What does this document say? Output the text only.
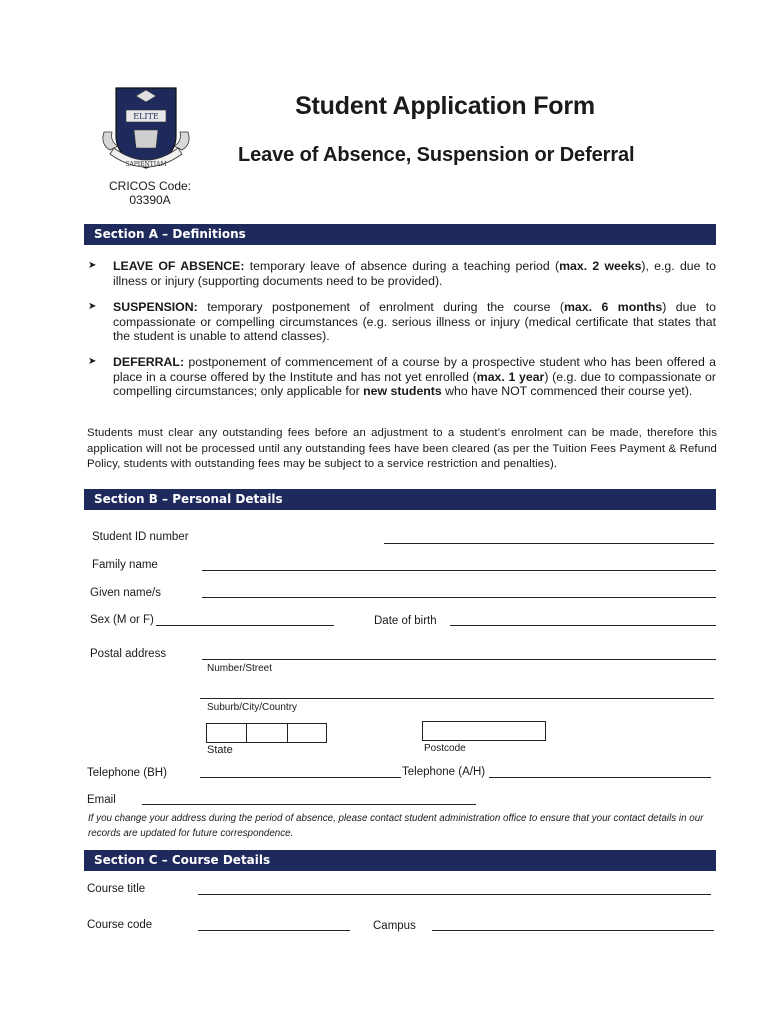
ELITE
SAPIENTIAM
Student Application Form
Leave of Absence, Suspension or Deferral
CRICOS Code:
03390A
Section A – Definitions
➤ LEAVE OF ABSENCE: temporary leave of absence during a teaching period (max. 2 weeks), e.g. due to illness or injury (supporting documents need to be provided).
➤ SUSPENSION: temporary postponement of enrolment during the course (max. 6 months) due to compassionate or compelling circumstances (e.g. serious illness or injury (medical certificate that states that the student is unable to attend classes).
➤ DEFERRAL: postponement of commencement of a course by a prospective student who has been offered a place in a course offered by the Institute and has not yet enrolled (max. 1 year) (e.g. due to compassionate or compelling circumstances; only applicable for new students who have NOT commenced their course yet).
Students must clear any outstanding fees before an adjustment to a student’s enrolment can be made, therefore this application will not be processed until any outstanding fees have been cleared (as per the Tuition Fees Payment & Refund Policy, students with outstanding fees may be subject to a service restriction and penalties).
Section B – Personal Details
Student ID number
Family name
Given name/s
Sex (M or F)	Date of birth
Postal address
Number/Street
Suburb/City/Country
State	Postcode
Telephone (BH)	Telephone (A/H)
Email
If you change your address during the period of absence, please contact student administration office to ensure that your contact details in our records are updated for future correspondence.
Section C – Course Details
Course title
Course code	Campus
